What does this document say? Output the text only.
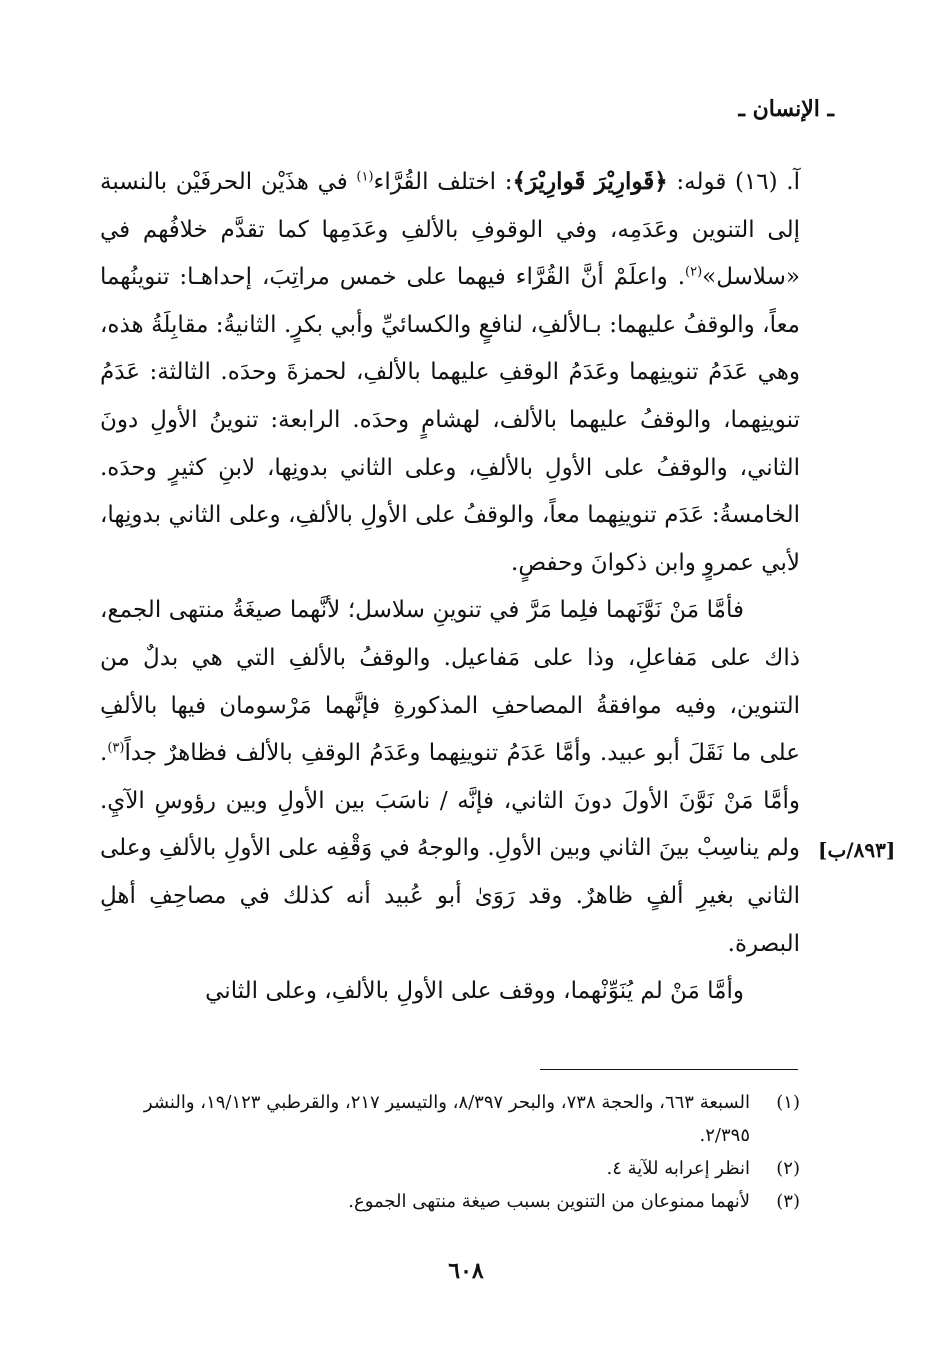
ـ الإنسان ـ
[٨٩٣/ب]

آ. (١٦) قوله: ﴿قَوارِيْرَ قَوارِيْرَ﴾: اختلف القُرَّاء$^{(١)}$ في هذَيْن الحرفَيْن بالنسبة إلى التنوين وعَدَمِه، وفي الوقوفِ بالألفِ وعَدَمِها كما تقدَّم خلافُهم في «سلاسل»$^{(٢)}$. واعلَمْ أنَّ القُرَّاء فيهما على خمس مراتِبَ، إحداهـا: تنوينُهما معاً، والوقفُ عليهما: بـالألفِ، لنافعٍ والكسائيِّ وأبي بكرٍ. الثانيةُ: مقابِلَةُ هذه، وهي عَدَمُ تنوينِهما وعَدَمُ الوقفِ عليهما بالألفِ، لحمزةَ وحدَه. الثالثة: عَدَمُ تنوينِهما، والوقفُ عليهما بالألف، لهشامٍ وحدَه. الرابعة: تنوينُ الأولِ دونَ الثاني، والوقفُ على الأولِ بالألفِ، وعلى الثاني بدونِها، لابنِ كثيرٍ وحدَه. الخامسةُ: عَدَم تنوينِهما معاً، والوقفُ على الأولِ بالألفِ، وعلى الثاني بدونِها، لأبي عمروٍ وابن ذكوانَ وحفصٍ.

فأمَّا مَنْ نَوَّنَهما فلِما مَرَّ في تنوينِ سلاسل؛ لأنَّهما صيغَةُ منتهى الجمع، ذاك على مَفاعلِ، وذا على مَفاعيل. والوقفُ بالألفِ التي هي بدلٌ من التنوين، وفيه موافقةُ المصاحفِ المذكورةِ فإنَّهما مَرْسومان فيها بالألفِ على ما نَقَلَ أبو عبيد. وأمَّا عَدَمُ تنوينِهما وعَدَمُ الوقفِ بالألف فظاهرٌ جداً$^{(٣)}$. وأمَّا مَنْ نَوَّنَ الأولَ دونَ الثاني، فإنَّه / ناسَبَ بين الأولِ وبين رؤوسِ الآيِ. ولم يناسِبْ بينَ الثاني وبين الأولِ. والوجهُ في وَقْفِه على الأولِ بالألفِ وعلى الثاني بغيرِ ألفٍ ظاهرٌ. وقد رَوَىٰ أبو عُبيد أنه كذلك في مصاحِفِ أهلِ البصرة.

وأمَّا مَنْ لم يُنَوِّنْهما، ووقف على الأولِ بالألفِ، وعلى الثاني

(١)
السبعة ٦٦٣، والحجة ٧٣٨، والبحر ٨/٣٩٧، والتيسير ٢١٧، والقرطبي ١٩/١٢٣، والنشر ٢/٣٩٥.
(٢)
انظر إعرابه للآية ٤.
(٣)
لأنهما ممنوعان من التنوين بسبب صيغة منتهى الجموع.
٦٠٨
